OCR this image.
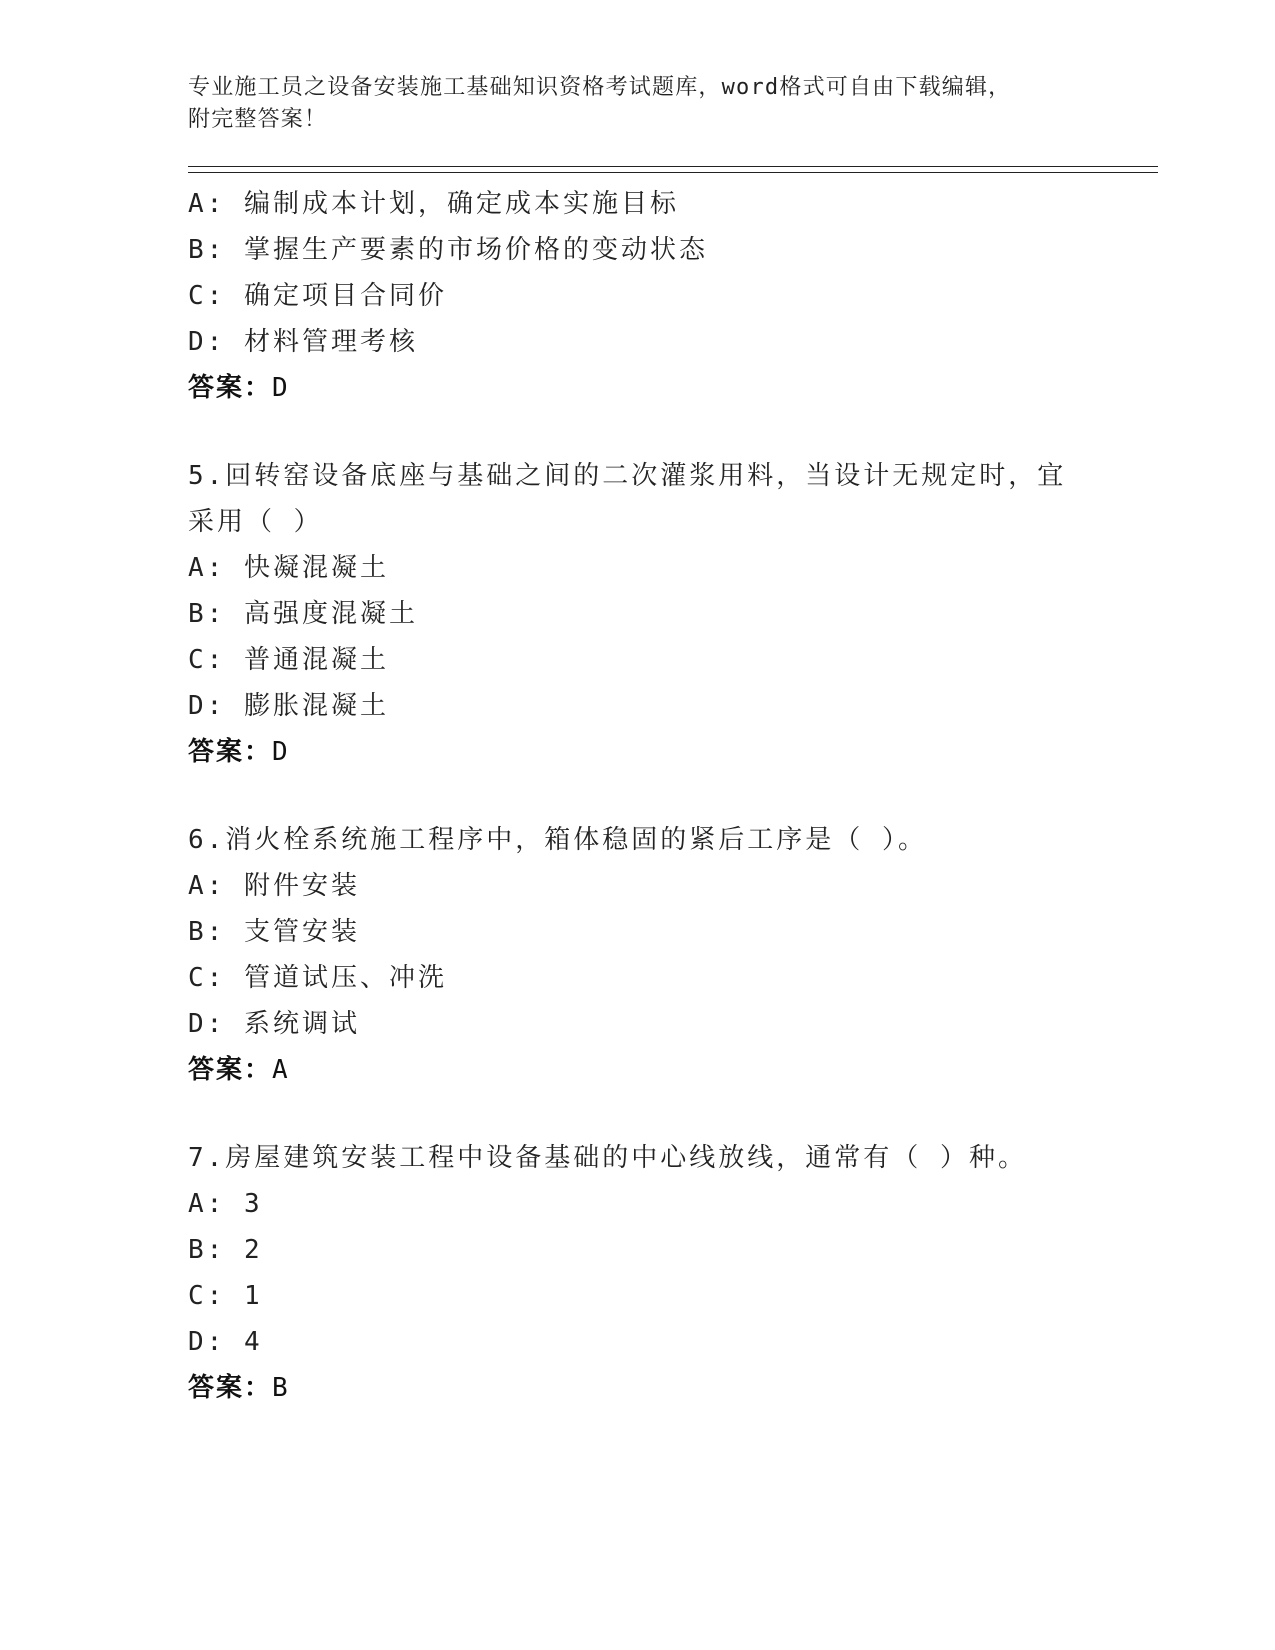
专业施工员之设备安装施工基础知识资格考试题库，word格式可自由下载编辑，
附完整答案！
A: 编制成本计划，确定成本实施目标
B: 掌握生产要素的市场价格的变动状态
C: 确定项目合同价
D: 材料管理考核
答案：D
5.回转窑设备底座与基础之间的二次灌浆用料，当设计无规定时，宜
采用（ ）
A: 快凝混凝土
B: 高强度混凝土
C: 普通混凝土
D: 膨胀混凝土
答案：D
6.消火栓系统施工程序中，箱体稳固的紧后工序是（ ）。
A: 附件安装
B: 支管安装
C: 管道试压、冲洗
D: 系统调试
答案：A
7.房屋建筑安装工程中设备基础的中心线放线，通常有（ ）种。
A: 3
B: 2
C: 1
D: 4
答案：B
